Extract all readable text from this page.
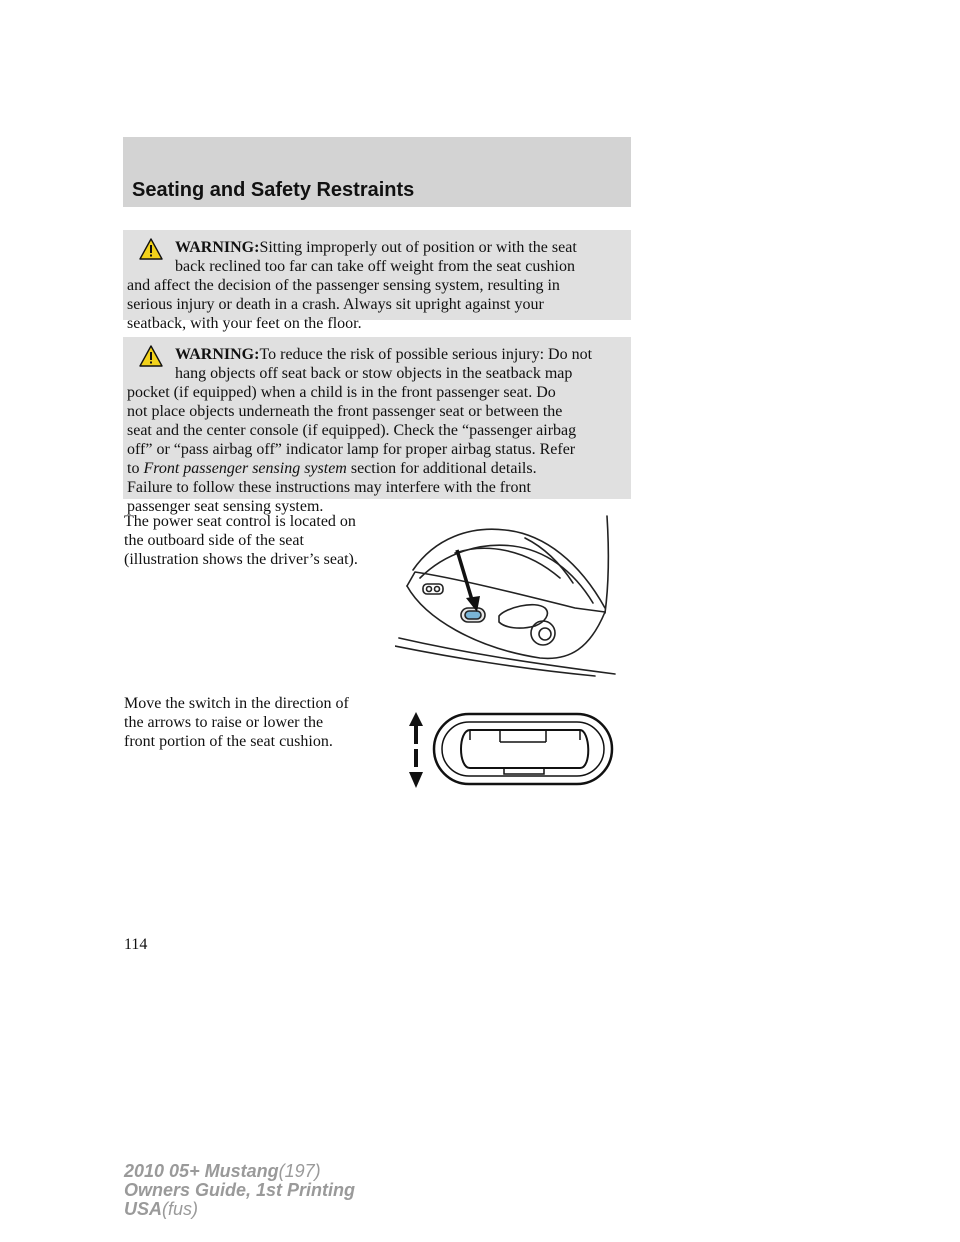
Seating and Safety Restraints
WARNING:Sitting improperly out of position or with the seat
back reclined too far can take off weight from the seat cushion
and affect the decision of the passenger sensing system, resulting in
serious injury or death in a crash. Always sit upright against your
seatback, with your feet on the floor.
WARNING:To reduce the risk of possible serious injury: Do not
hang objects off seat back or stow objects in the seatback map
pocket (if equipped) when a child is in the front passenger seat. Do
not place objects underneath the front passenger seat or between the
seat and the center console (if equipped). Check the “passenger airbag
off” or “pass airbag off” indicator lamp for proper airbag status. Refer
to Front passenger sensing system section for additional details.
Failure to follow these instructions may interfere with the front
passenger seat sensing system.
The power seat control is located on
the outboard side of the seat
(illustration shows the driver’s seat).
Move the switch in the direction of
the arrows to raise or lower the
front portion of the seat cushion.
114
2010 05+ Mustang(197)
Owners Guide, 1st Printing
USA(fus)
